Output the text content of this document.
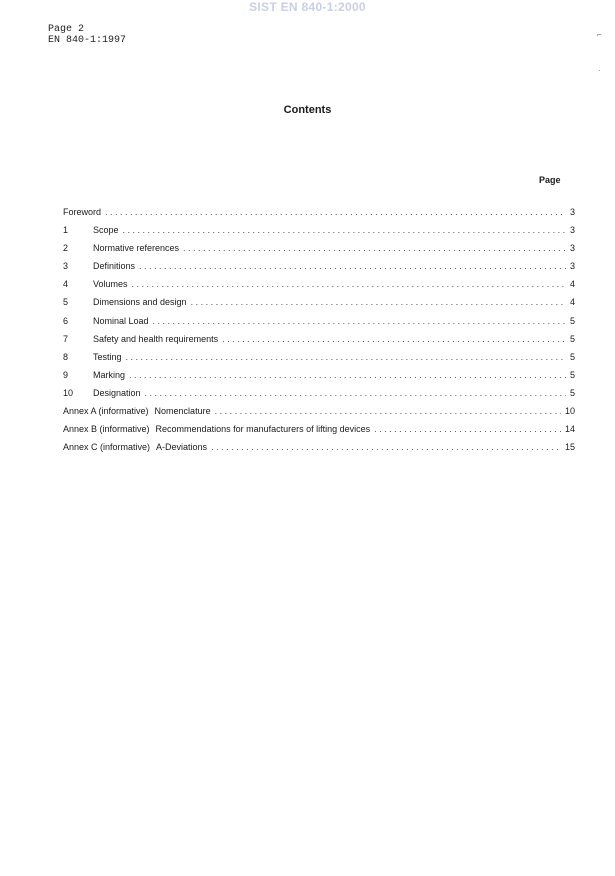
SIST EN 840-1:2000
Page 2
EN 840-1:1997
⌐
·
Contents
Page
Foreword . . .	3
1	Scope . . .	3
2	Normative references . . .	3
3	Definitions . . .	3
4	Volumes . . .	4
5	Dimensions and design . . .	4
6	Nominal Load . . .	5
7	Safety and health requirements . . .	5
8	Testing . . .	5
9	Marking . . .	5
10	Designation . . .	5
Annex A (informative) Nomenclature . . .	10
Annex B (informative) Recommendations for manufacturers of lifting devices . . .	14
Annex C (informative) A-Deviations . . .	15
